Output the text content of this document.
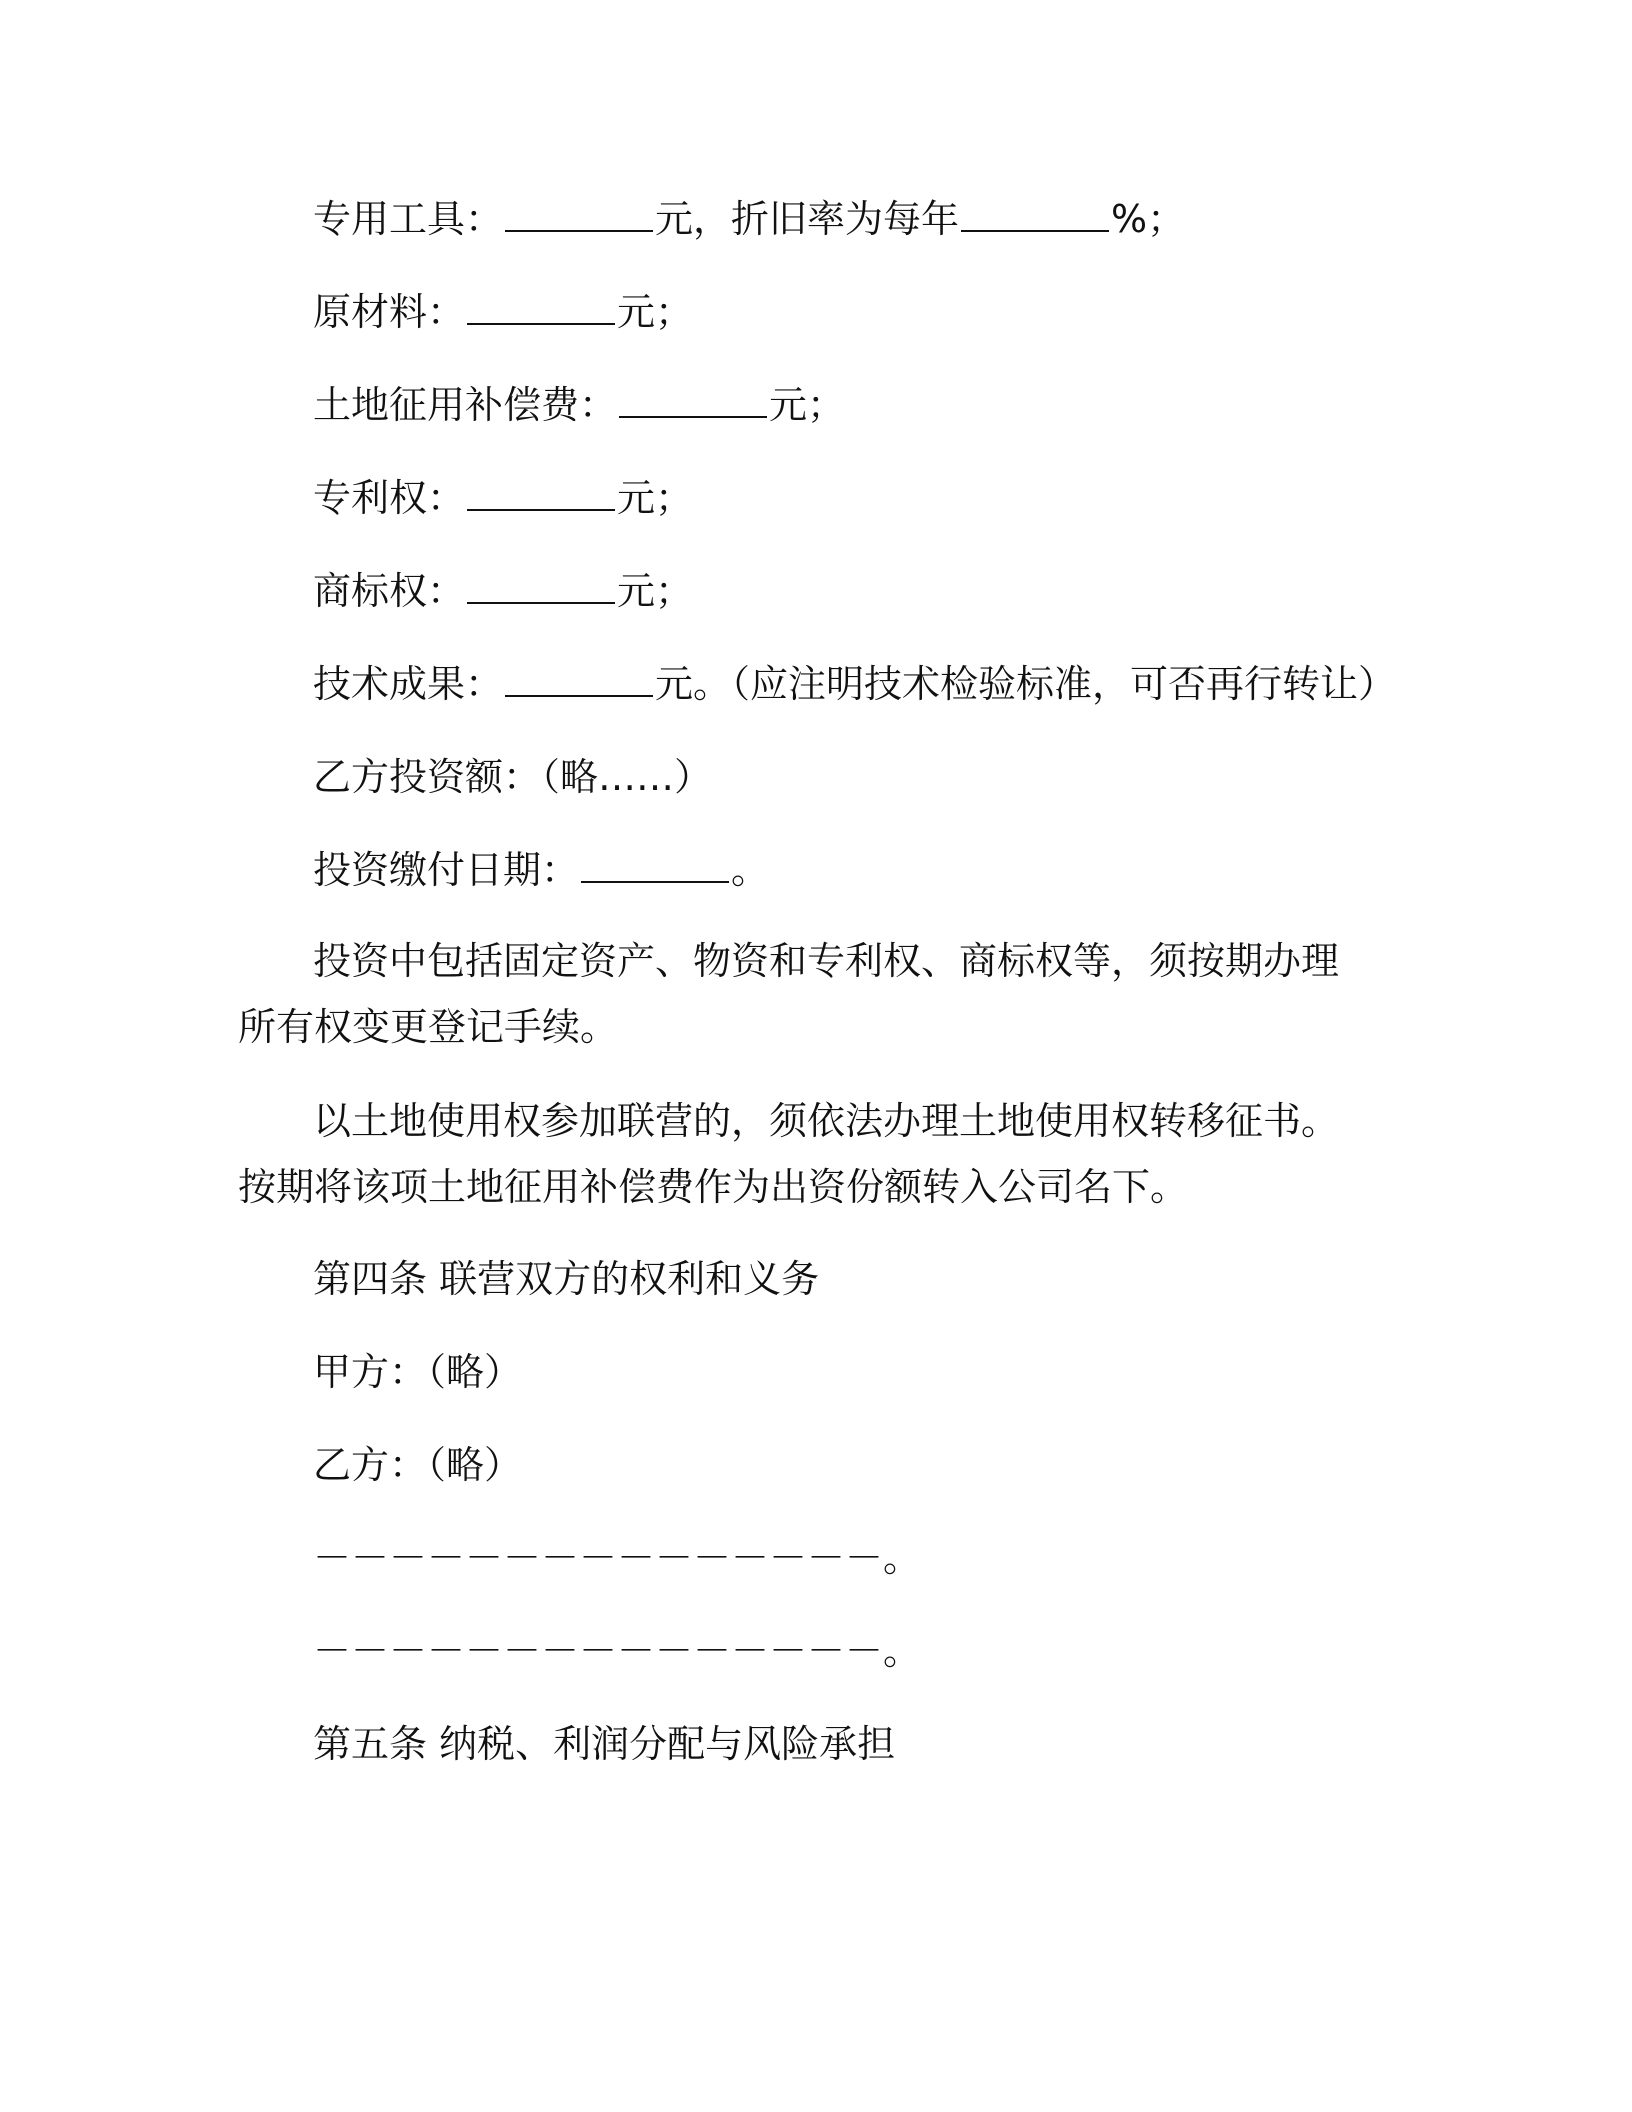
专用工具：	元，折旧率为每年	%；
原材料：	元；
土地征用补偿费：	元；
专利权：	元；
商标权：	元；
技术成果：	元。（应注明技术检验标准，可否再行转让）
乙方投资额：（略……）
投资缴付日期：	。
投资中包括固定资产、物资和专利权、商标权等，须按期办理所有权变更登记手续。
以土地使用权参加联营的，须依法办理土地使用权转移征书。按期将该项土地征用补偿费作为出资份额转入公司名下。
第四条 联营双方的权利和义务
甲方：（略）
乙方：（略）
－－－－－－－－－－－－－－－。
－－－－－－－－－－－－－－－。
第五条 纳税、利润分配与风险承担
